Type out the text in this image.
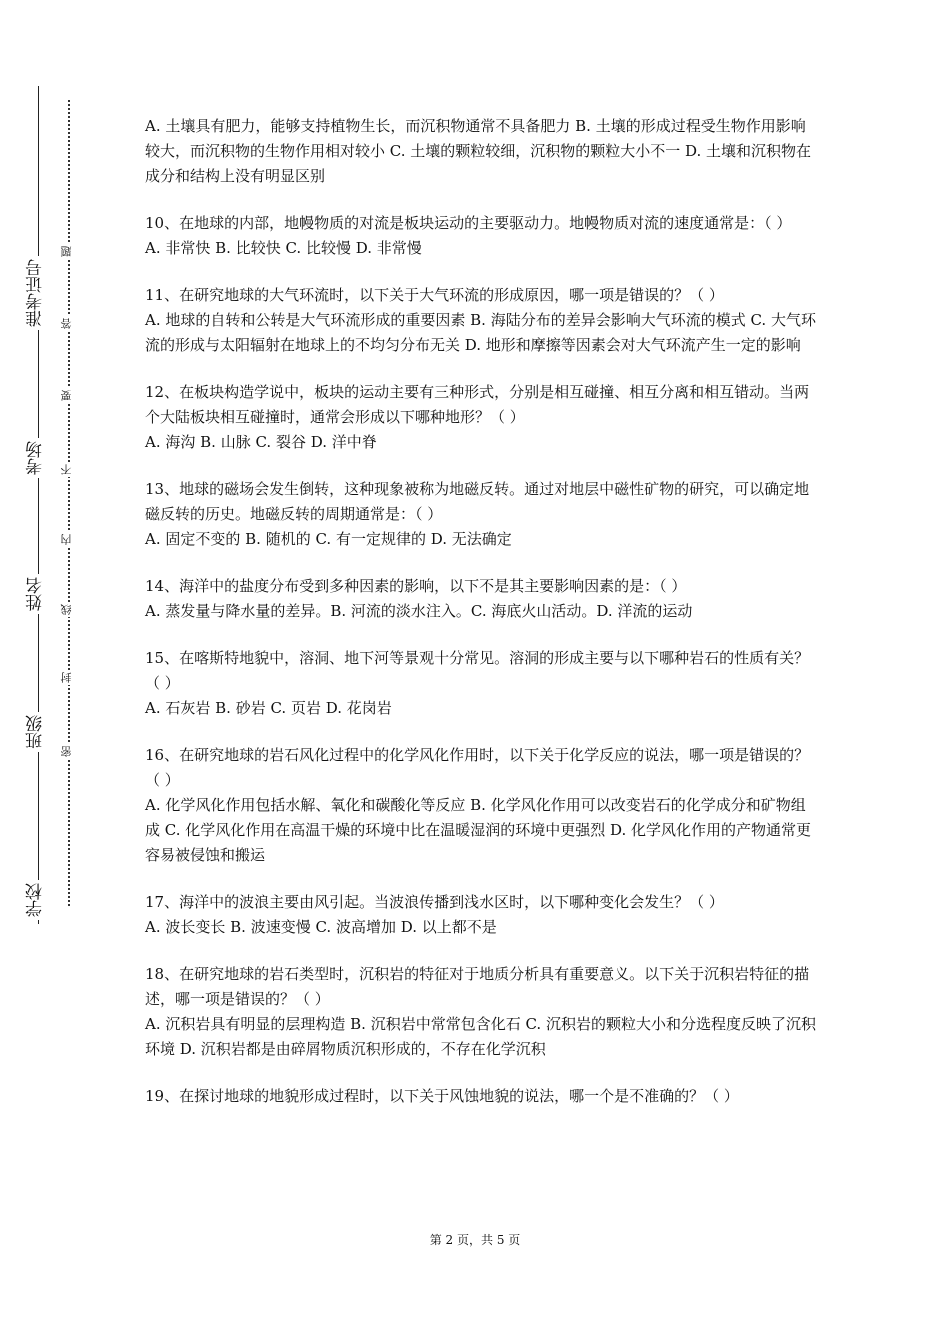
学校
班级
姓名
考场
准考证号
密
封
线
内
不
要
答
题

A. 土壤具有肥力，能够支持植物生长，而沉积物通常不具备肥力 B. 土壤的形成过程受生物作用影响较大，而沉积物的生物作用相对较小 C. 土壤的颗粒较细，沉积物的颗粒大小不一 D. 土壤和沉积物在成分和结构上没有明显区别

10、在地球的内部，地幔物质的对流是板块运动的主要驱动力。地幔物质对流的速度通常是：（ ）

A. 非常快 B. 比较快 C. 比较慢 D. 非常慢

11、在研究地球的大气环流时，以下关于大气环流的形成原因，哪一项是错误的？（ ）

A. 地球的自转和公转是大气环流形成的重要因素 B. 海陆分布的差异会影响大气环流的模式 C. 大气环流的形成与太阳辐射在地球上的不均匀分布无关 D. 地形和摩擦等因素会对大气环流产生一定的影响

12、在板块构造学说中，板块的运动主要有三种形式，分别是相互碰撞、相互分离和相互错动。当两个大陆板块相互碰撞时，通常会形成以下哪种地形？（ ）

A. 海沟 B. 山脉 C. 裂谷 D. 洋中脊

13、地球的磁场会发生倒转，这种现象被称为地磁反转。通过对地层中磁性矿物的研究，可以确定地磁反转的历史。地磁反转的周期通常是：（ ）

A. 固定不变的 B. 随机的 C. 有一定规律的 D. 无法确定

14、海洋中的盐度分布受到多种因素的影响，以下不是其主要影响因素的是：（ ）

A. 蒸发量与降水量的差异。B. 河流的淡水注入。C. 海底火山活动。D. 洋流的运动

15、在喀斯特地貌中，溶洞、地下河等景观十分常见。溶洞的形成主要与以下哪种岩石的性质有关？（ ）

A. 石灰岩 B. 砂岩 C. 页岩 D. 花岗岩

16、在研究地球的岩石风化过程中的化学风化作用时，以下关于化学反应的说法，哪一项是错误的？（ ）

A. 化学风化作用包括水解、氧化和碳酸化等反应 B. 化学风化作用可以改变岩石的化学成分和矿物组成 C. 化学风化作用在高温干燥的环境中比在温暖湿润的环境中更强烈 D. 化学风化作用的产物通常更容易被侵蚀和搬运

17、海洋中的波浪主要由风引起。当波浪传播到浅水区时，以下哪种变化会发生？（ ）

A. 波长变长 B. 波速变慢 C. 波高增加 D. 以上都不是

18、在研究地球的岩石类型时，沉积岩的特征对于地质分析具有重要意义。以下关于沉积岩特征的描述，哪一项是错误的？（ ）

A. 沉积岩具有明显的层理构造 B. 沉积岩中常常包含化石 C. 沉积岩的颗粒大小和分选程度反映了沉积环境 D. 沉积岩都是由碎屑物质沉积形成的，不存在化学沉积

19、在探讨地球的地貌形成过程时，以下关于风蚀地貌的说法，哪一个是不准确的？（ ）

第 2 页，共 5 页
